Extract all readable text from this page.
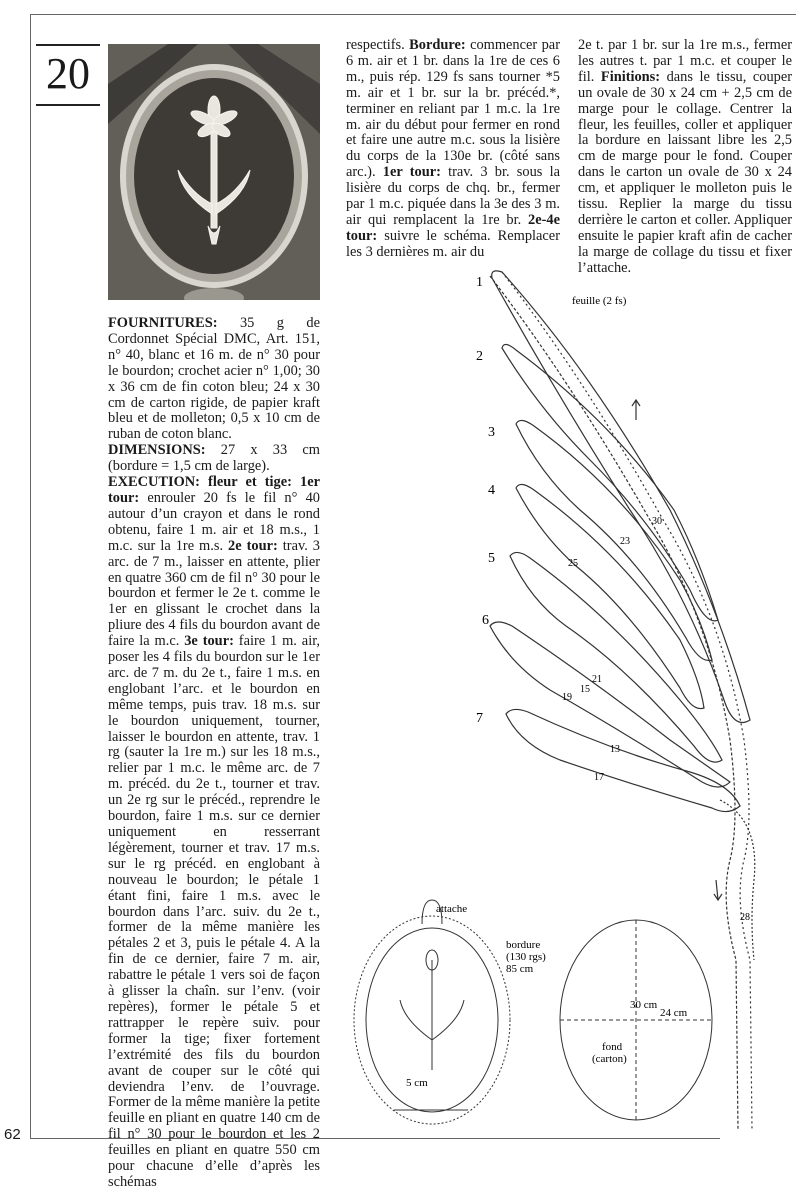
20

FOURNITURES: 35 g de Cordonnet Spécial DMC, Art. 151, n° 40, blanc et 16 m. de n° 30 pour le bourdon; crochet acier n° 1,00; 30 x 36 cm de fin coton bleu; 24 x 30 cm de carton rigide, de papier kraft bleu et de molleton; 0,5 x 10 cm de ruban de coton blanc.

DIMENSIONS: 27 x 33 cm (bordure = 1,5 cm de large).

EXECUTION: fleur et tige: 1er tour: enrouler 20 fs le fil n° 40 autour d’un crayon et dans le rond obtenu, faire 1 m. air et 18 m.s., 1 m.c. sur la 1re m.s. 2e tour: trav. 3 arc. de 7 m., laisser en attente, plier en quatre 360 cm de fil n° 30 pour le bourdon et fermer le 2e t. comme le 1er en glissant le crochet dans la pliure des 4 fils du bourdon avant de faire la m.c. 3e tour: faire 1 m. air, poser les 4 fils du bourdon sur le 1er arc. de 7 m. du 2e t., faire 1 m.s. en englobant l’arc. et le bourdon en même temps, puis trav. 18 m.s. sur le bourdon uniquement, tourner, laisser le bourdon en attente, trav. 1 rg (sauter la 1re m.) sur les 18 m.s., relier par 1 m.c. le même arc. de 7 m. précéd. du 2e t., tourner et trav. un 2e rg sur le précéd., reprendre le bourdon, faire 1 m.s. sur ce dernier uniquement en resserrant légèrement, tourner et trav. 17 m.s. sur le rg précéd. en englobant à nouveau le bourdon; le pétale 1 étant fini, faire 1 m.s. avec le bourdon dans l’arc. suiv. du 2e t., former de la même manière les pétales 2 et 3, puis le pétale 4. A la fin de ce dernier, faire 7 m. air, rabattre le pétale 1 vers soi de façon à glisser la chaîn. sur l’env. (voir repères), former le pétale 5 et rattrapper le repère suiv. pour former la tige; fixer fortement l’extrémité des fils du bourdon avant de couper sur le côté qui deviendra l’env. de l’ouvrage. Former de la même manière la petite feuille en pliant en quatre 140 cm de fil n° 30 pour le bourdon et les 2 feuilles en pliant en quatre 550 cm pour chacune d’elle d’après les schémas

respectifs. Bordure: commencer par 6 m. air et 1 br. dans la 1re de ces 6 m., puis rép. 129 fs sans tourner *5 m. air et 1 br. sur la br. précéd.*, terminer en reliant par 1 m.c. la 1re m. air du début pour fermer en rond et faire une autre m.c. sous la lisière du corps de la 130e br. (côté sans arc.). 1er tour: trav. 3 br. sous la lisière du corps de chq. br., fermer par 1 m.c. piquée dans la 3e des 3 m. air qui remplacent la 1re br. 2e-4e tour: suivre le schéma. Remplacer les 3 dernières m. air du

2e t. par 1 br. sur la 1re m.s., fermer les autres t. par 1 m.c. et couper le fil. Finitions: dans le tissu, couper un ovale de 30 x 24 cm + 2,5 cm de marge pour le collage. Centrer la fleur, les feuilles, coller et appliquer la bordure en laissant libre les 2,5 cm de marge pour le fond. Couper dans le carton un ovale de 30 x 24 cm, et appliquer le molleton puis le tissu. Replier la marge du tissu derrière le carton et coller. Appliquer ensuite le papier kraft afin de cacher la marge de collage du tissu et fixer l’attache.

1
2
3
4
5
6
7
feuille (2 fs)
30
23
25
21
19
15
13
17
attache
bordure
(130 rgs)
85 cm
5 cm
30 cm
24 cm
fond
(carton)
28
62
